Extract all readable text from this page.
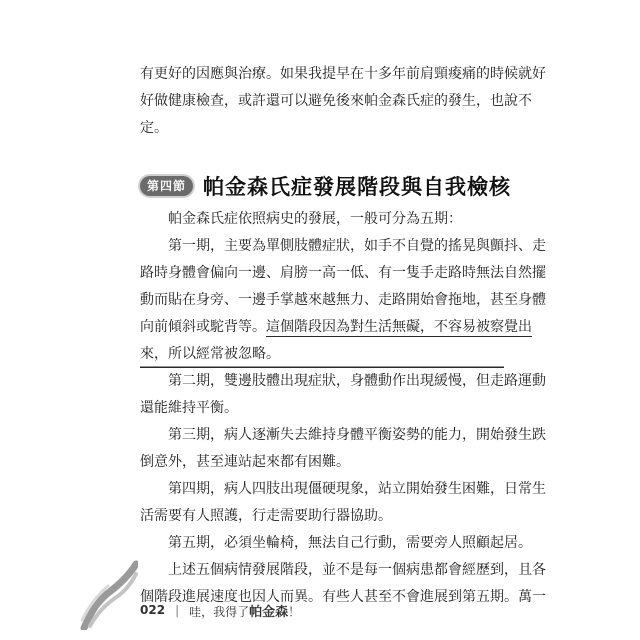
有更好的因應與治療。如果我提早在十多年前肩頸痠痛的時候就好
好做健康檢查，或許還可以避免後來帕金森氏症的發生，也說不
定。
第四節 帕金森氏症發展階段與自我檢核
帕金森氏症依照病史的發展，一般可分為五期：
第一期，主要為單側肢體症狀，如手不自覺的搖晃與顫抖、走
路時身體會偏向一邊、肩膀一高一低、有一隻手走路時無法自然擺
動而貼在身旁、一邊手掌越來越無力、走路開始會拖地，甚至身體
向前傾斜或駝背等。這個階段因為對生活無礙，不容易被察覺出
來，所以經常被忽略。
第二期，雙邊肢體出現症狀，身體動作出現緩慢，但走路運動
還能維持平衡。
第三期，病人逐漸失去維持身體平衡姿勢的能力，開始發生跌
倒意外，甚至連站起來都有困難。
第四期，病人四肢出現僵硬現象，站立開始發生困難，日常生
活需要有人照護，行走需要助行器協助。
第五期，必須坐輪椅，無法自己行動，需要旁人照顧起居。
上述五個病情發展階段，並不是每一個病患都會經歷到，且各
個階段進展速度也因人而異。有些人甚至不會進展到第五期。萬一
022 | 哇，我得了帕金森！
